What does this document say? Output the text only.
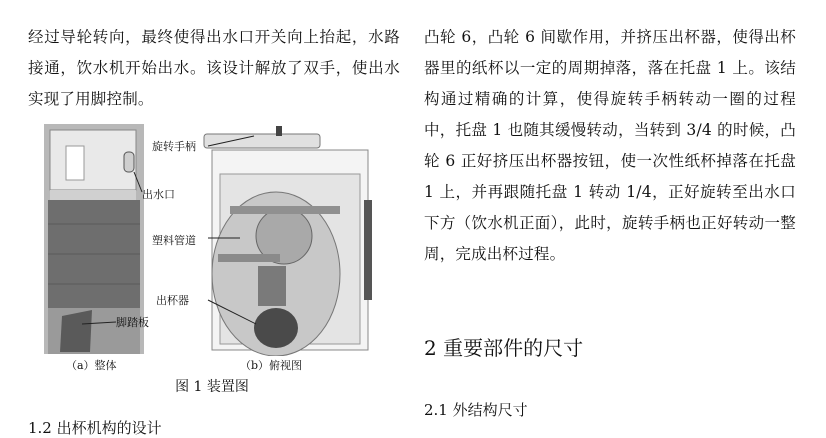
经过导轮转向，最终使得出水口开关向上抬起，水路接通，饮水机开始出水。该设计解放了双手，使出水实现了用脚控制。

旋转手柄
出水口
塑料管道
出杯器
脚踏板
（a）整体	（b）俯视图
图 1 装置图
1.2 出杯机构的设计

凸轮 6，凸轮 6 间歇作用，并挤压出杯器，使得出杯器里的纸杯以一定的周期掉落，落在托盘 1 上。该结构通过精确的计算，使得旋转手柄转动一圈的过程中，托盘 1 也随其缓慢转动，当转到 3/4 的时候，凸轮 6 正好挤压出杯器按钮，使一次性纸杯掉落在托盘 1 上，并再跟随托盘 1 转动 1/4，正好旋转至出水口下方（饮水机正面），此时，旋转手柄也正好转动一整周，完成出杯过程。

2 重要部件的尺寸
2.1 外结构尺寸
